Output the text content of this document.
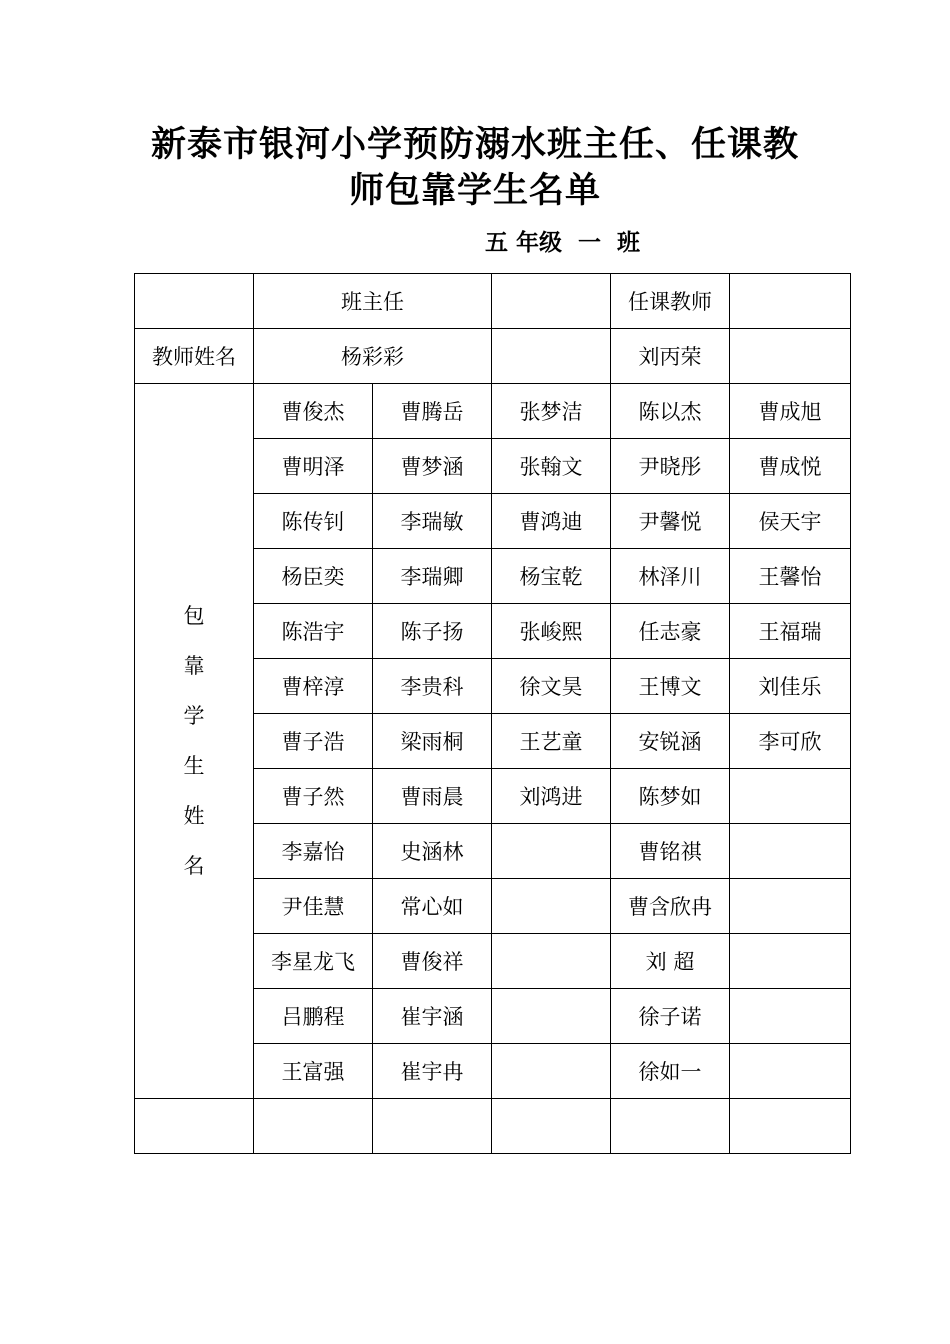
新泰市银河小学预防溺水班主任、任课教
师包靠学生名单
五 年级  一  班
	班主任			任课教师	
教师姓名	杨彩彩			刘丙荣	
包靠学生姓名	曹俊杰	曹腾岳	张梦洁	陈以杰	曹成旭
	曹明泽	曹梦涵	张翰文	尹晓彤	曹成悦
	陈传钊	李瑞敏	曹鸿迪	尹馨悦	侯天宇
	杨臣奕	李瑞卿	杨宝乾	林泽川	王馨怡
	陈浩宇	陈子扬	张峻熙	任志豪	王福瑞
	曹梓淳	李贵科	徐文昊	王博文	刘佳乐
	曹子浩	梁雨桐	王艺童	安锐涵	李可欣
	曹子然	曹雨晨	刘鸿进	陈梦如	
	李嘉怡	史涵林		曹铭祺	
	尹佳慧	常心如		曹含欣冉	
	李星龙飞	曹俊祥		刘 超	
	吕鹏程	崔宇涵		徐子诺	
	王富强	崔宇冉		徐如一	
